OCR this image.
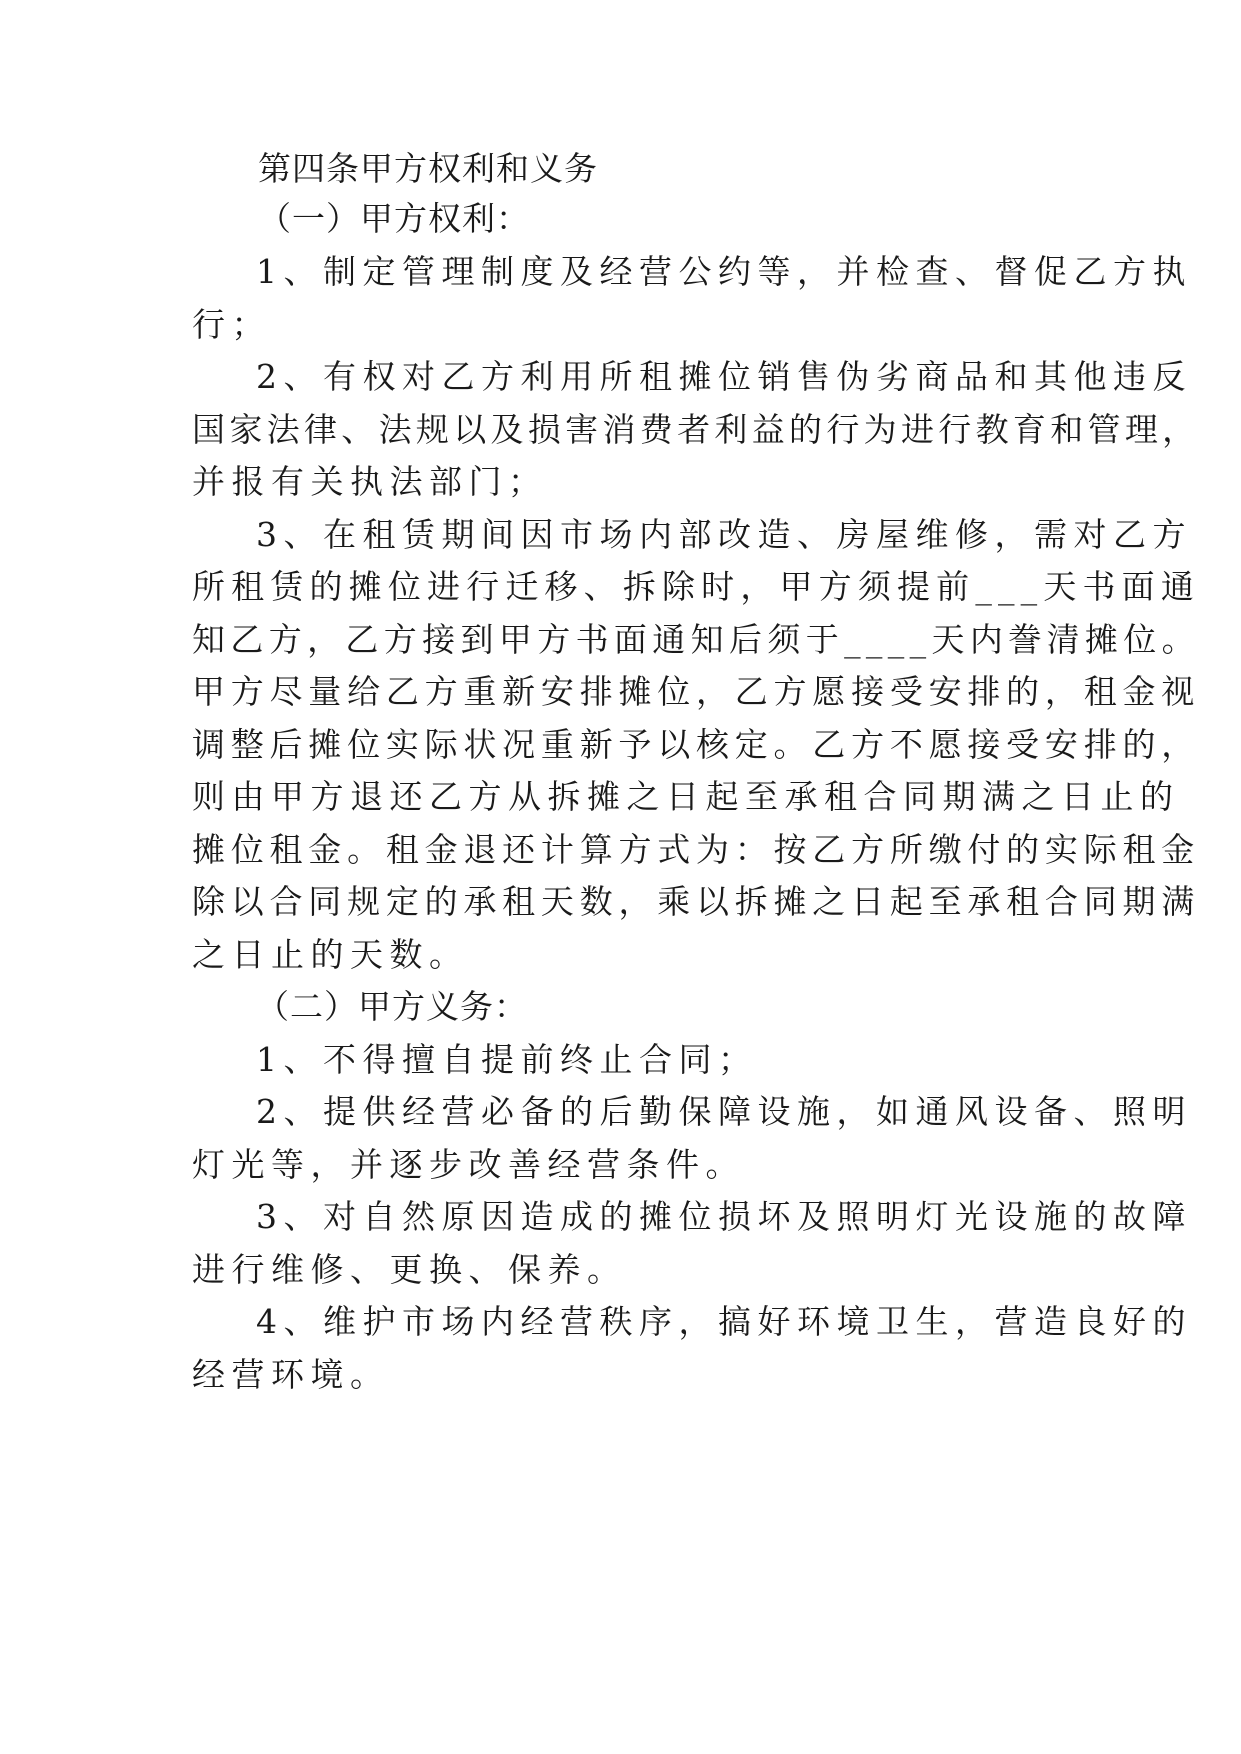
第四条甲方权利和义务
（一）甲方权利：
1、制定管理制度及经营公约等，并检查、督促乙方执
行；
2、有权对乙方利用所租摊位销售伪劣商品和其他违反
国家法律、法规以及损害消费者利益的行为进行教育和管理，
并报有关执法部门；
3、在租赁期间因市场内部改造、房屋维修，需对乙方
所租赁的摊位进行迁移、拆除时，甲方须提前___天书面通
知乙方，乙方接到甲方书面通知后须于____天内誊清摊位。
甲方尽量给乙方重新安排摊位，乙方愿接受安排的，租金视
调整后摊位实际状况重新予以核定。乙方不愿接受安排的，
则由甲方退还乙方从拆摊之日起至承租合同期满之日止的
摊位租金。租金退还计算方式为：按乙方所缴付的实际租金
除以合同规定的承租天数，乘以拆摊之日起至承租合同期满
之日止的天数。
（二）甲方义务：
1、不得擅自提前终止合同；
2、提供经营必备的后勤保障设施，如通风设备、照明
灯光等，并逐步改善经营条件。
3、对自然原因造成的摊位损坏及照明灯光设施的故障
进行维修、更换、保养。
4、维护市场内经营秩序，搞好环境卫生，营造良好的
经营环境。
